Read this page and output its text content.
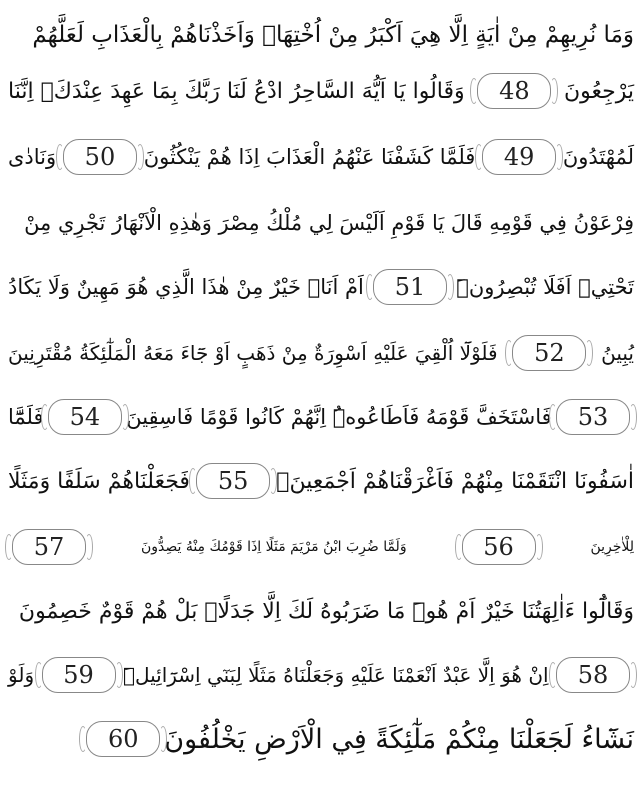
وَمَا نُرِيهِمْ مِنْ اٰيَةٍ اِلَّا هِيَ اَكْبَرُ مِنْ اُخْتِهَاۘ وَاَخَذْنَاهُمْ بِالْعَذَابِ لَعَلَّهُمْ
يَرْجِعُونَ
48
وَقَالُوا يَا اَيُّهَ السَّاحِرُ ادْعُ لَنَا رَبَّكَ بِمَا عَهِدَ عِنْدَكَۚ اِنَّنَا
لَمُهْتَدُونَ
49
فَلَمَّا كَشَفْنَا عَنْهُمُ الْعَذَابَ اِذَا هُمْ يَنْكُثُونَ
50
وَنَادٰى
فِرْعَوْنُ فِي قَوْمِهِ قَالَ يَا قَوْمِ اَلَيْسَ لِي مُلْكُ مِصْرَ وَهٰذِهِ الْاَنْهَارُ تَجْرِي مِنْ
تَحْتِيۚ اَفَلَا تُبْصِرُونَۜ
51
اَمْ اَنَا۬ خَيْرٌ مِنْ هٰذَا الَّذِي هُوَ مَهِينٌ وَلَا يَكَادُ
يُبِينُ
52
فَلَوْلَٓا اُلْقِيَ عَلَيْهِ اَسْوِرَةٌ مِنْ ذَهَبٍ اَوْ جَٓاءَ مَعَهُ الْمَلٰٓئِكَةُ مُقْتَرِنِينَ
53
فَاسْتَخَفَّ قَوْمَهُ فَاَطَاعُوهُۜ اِنَّهُمْ كَانُوا قَوْمًا فَاسِقِينَ
54
فَلَمَّٓا
اٰسَفُونَا انْتَقَمْنَا مِنْهُمْ فَاَغْرَقْنَاهُمْ اَجْمَعِينَۙ
55
فَجَعَلْنَاهُمْ سَلَفًا وَمَثَلًا
لِلْاٰخِرِينَ
56
وَلَمَّا ضُرِبَ ابْنُ مَرْيَمَ مَثَلًا اِذَا قَوْمُكَ مِنْهُ يَصِدُّونَ
57
وَقَالُٓوا ءَاٰلِهَتُنَا خَيْرٌ اَمْ هُوَۜ مَا ضَرَبُوهُ لَكَ اِلَّا جَدَلًاۜ بَلْ هُمْ قَوْمٌ خَصِمُونَ
58
اِنْ هُوَ اِلَّا عَبْدٌ اَنْعَمْنَا عَلَيْهِ وَجَعَلْنَاهُ مَثَلًا لِبَنٓي اِسْرَٓائِيلَۜ
59
وَلَوْ
نَشَٓاءُ لَجَعَلْنَا مِنْكُمْ مَلٰٓئِكَةً فِي الْاَرْضِ يَخْلُفُونَ
60
